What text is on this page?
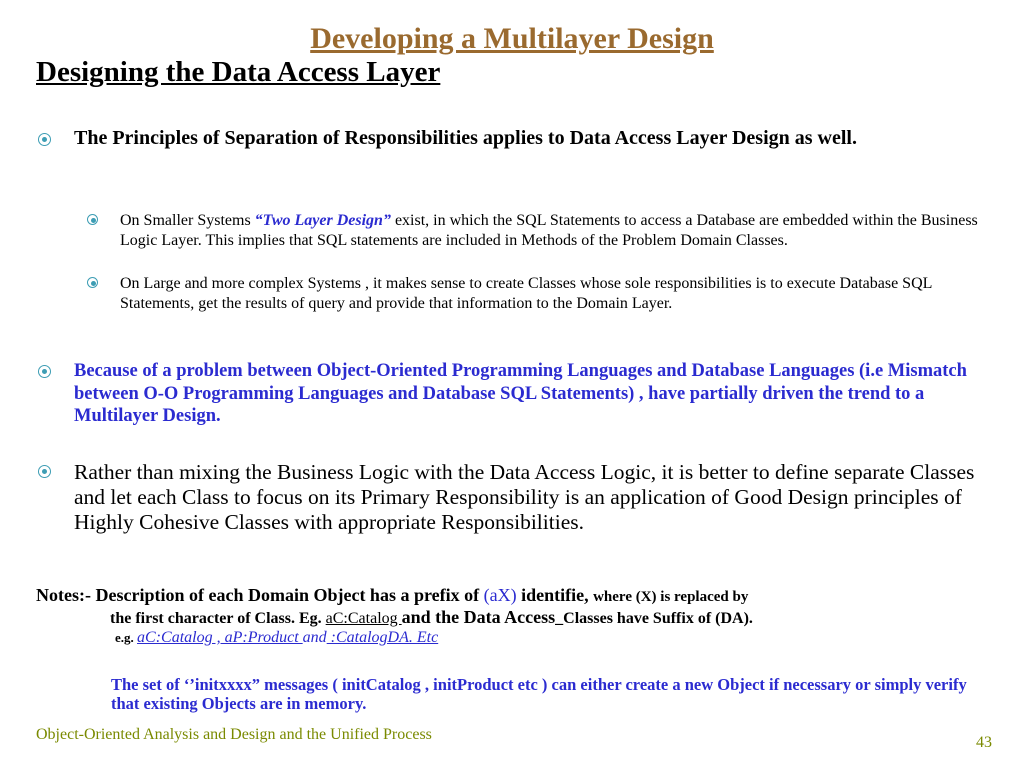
Developing a Multilayer Design
Designing the Data Access Layer
The Principles of Separation of Responsibilities applies to Data Access Layer Design as well.
On Smaller Systems “Two Layer Design” exist, in which the SQL Statements to access a Database are embedded within the Business Logic Layer. This implies that SQL statements are included in Methods of the Problem Domain Classes.
On Large and more complex Systems , it makes sense to create Classes whose sole responsibilities is to execute Database SQL Statements, get the results of query and provide that information to the Domain Layer.
Because of a problem between Object-Oriented Programming Languages and Database Languages (i.e Mismatch between O-O Programming Languages and Database SQL Statements) , have partially driven the trend to a Multilayer Design.
Rather than mixing the Business Logic with the Data Access Logic, it is better to define separate Classes and let each Class to focus on its Primary Responsibility is an application of Good Design principles of Highly Cohesive Classes with appropriate Responsibilities.
Notes:- Description of each Domain Object has a prefix of (aX) identifie, where (X) is replaced by
the first character of Class. Eg. aC:Catalog and the Data Access_Classes have Suffix of (DA).
e.g. aC:Catalog , aP:Product and :CatalogDA. Etc
The set of ‘’initxxxx” messages ( initCatalog , initProduct etc ) can either create a new Object if necessary or simply verify that existing Objects are in memory.
Object-Oriented Analysis and Design and the Unified Process	43
